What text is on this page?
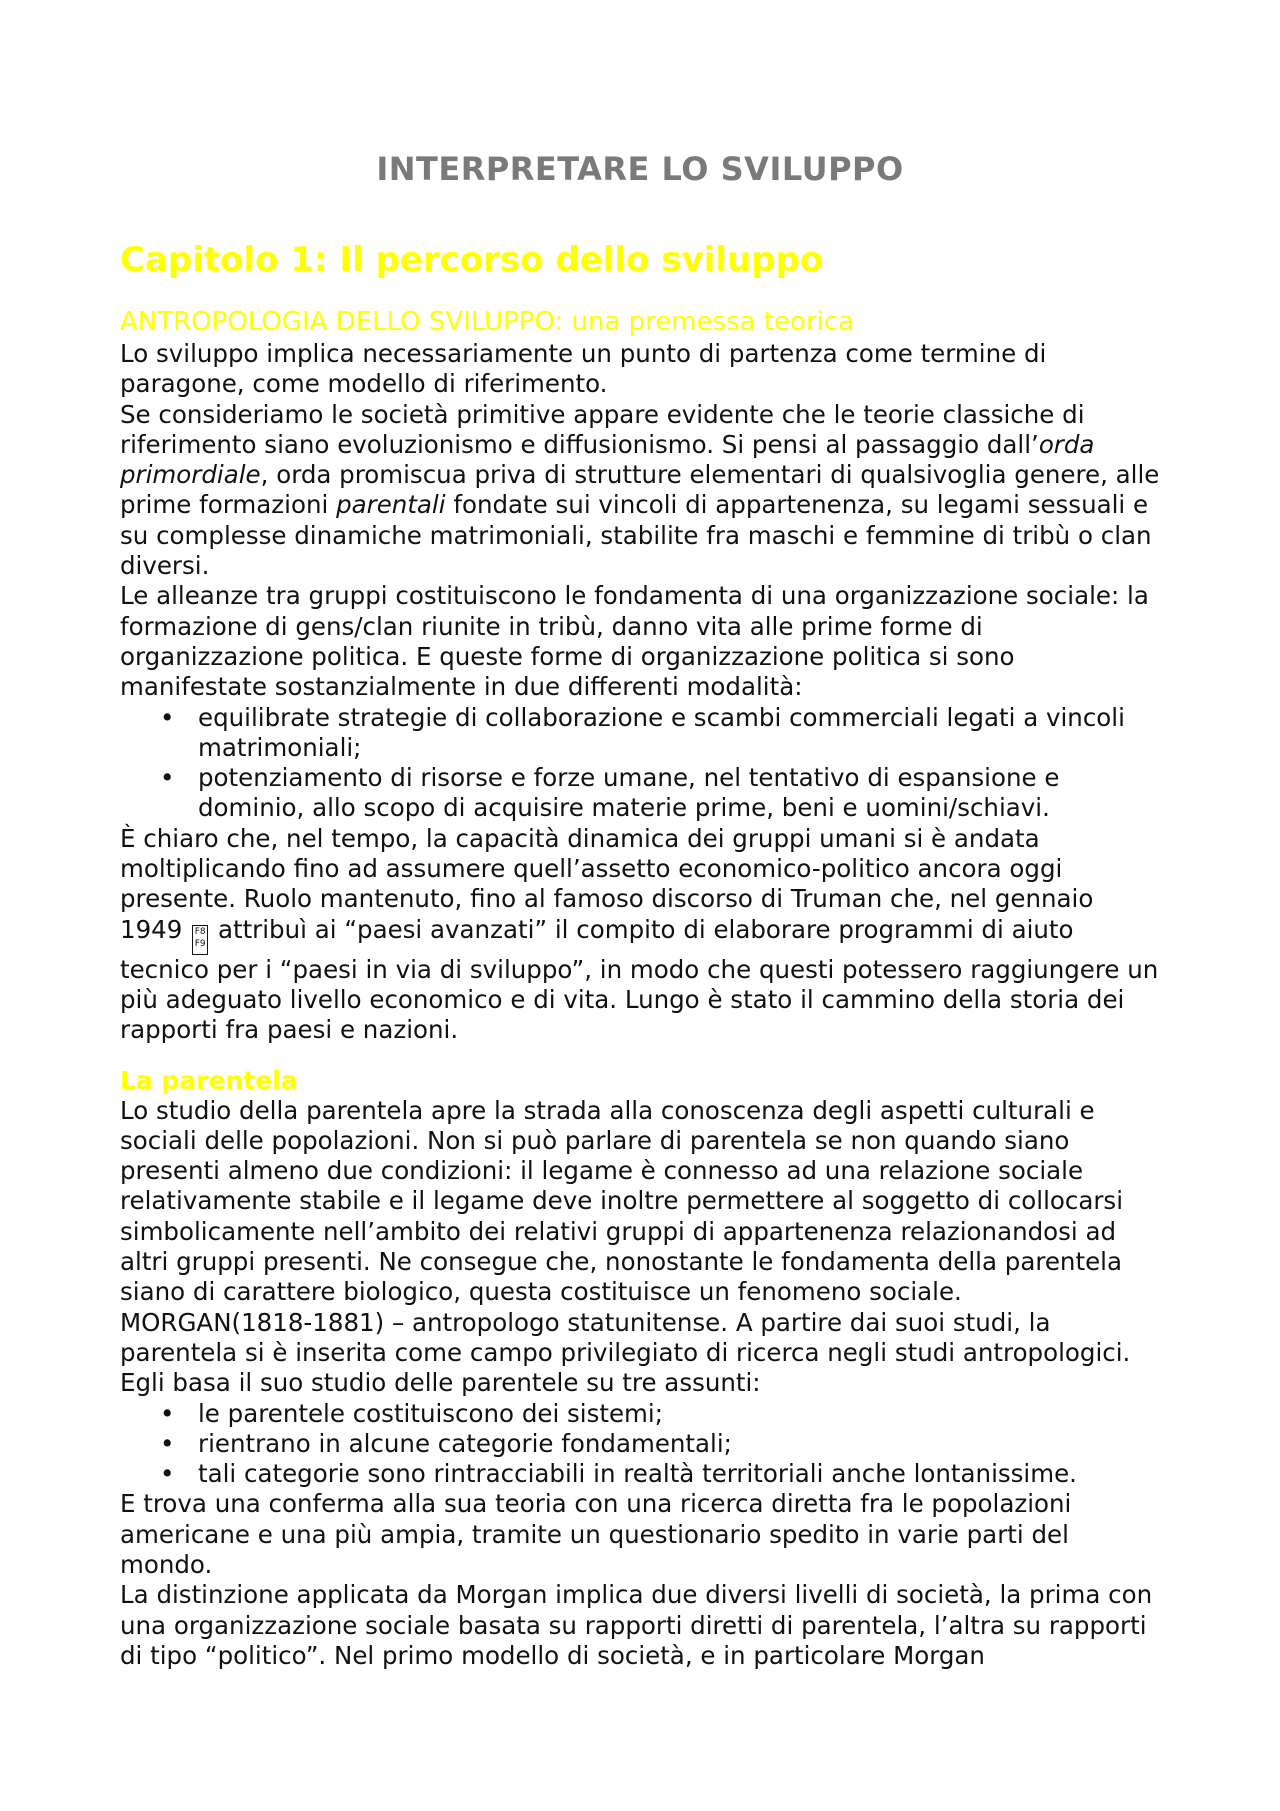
INTERPRETARE LO SVILUPPO
Capitolo 1: Il percorso dello sviluppo
ANTROPOLOGIA DELLO SVILUPPO: una premessa teorica

Lo sviluppo implica necessariamente un punto di partenza come termine di paragone, come modello di riferimento.

Se consideriamo le società primitive appare evidente che le teorie classiche di riferimento siano evoluzionismo e diffusionismo. Si pensi al passaggio dall’orda primordiale, orda promiscua priva di strutture elementari di qualsivoglia genere, alle prime formazioni parentali fondate sui vincoli di appartenenza, su legami sessuali e su complesse dinamiche matrimoniali, stabilite fra maschi e femmine di tribù o clan diversi.

Le alleanze tra gruppi costituiscono le fondamenta di una organizzazione sociale: la formazione di gens/clan riunite in tribù, danno vita alle prime forme di organizzazione politica. E queste forme di organizzazione politica si sono manifestate sostanzialmente in due differenti modalità:

• equilibrate strategie di collaborazione e scambi commerciali legati a vincoli matrimoniali;
• potenziamento di risorse e forze umane, nel tentativo di espansione e dominio, allo scopo di acquisire materie prime, beni e uomini/schiavi.

È chiaro che, nel tempo, la capacità dinamica dei gruppi umani si è andata moltiplicando fino ad assumere quell’assetto economico-politico ancora oggi presente. Ruolo mantenuto, fino al famoso discorso di Truman che, nel gennaio 1949 F8
F9 attribuì ai “paesi avanzati” il compito di elaborare programmi di aiuto tecnico per i “paesi in via di sviluppo”, in modo che questi potessero raggiungere un più adeguato livello economico e di vita. Lungo è stato il cammino della storia dei rapporti fra paesi e nazioni.

La parentela

Lo studio della parentela apre la strada alla conoscenza degli aspetti culturali e sociali delle popolazioni. Non si può parlare di parentela se non quando siano presenti almeno due condizioni: il legame è connesso ad una relazione sociale relativamente stabile e il legame deve inoltre permettere al soggetto di collocarsi simbolicamente nell’ambito dei relativi gruppi di appartenenza relazionandosi ad altri gruppi presenti. Ne consegue che, nonostante le fondamenta della parentela siano di carattere biologico, questa costituisce un fenomeno sociale.

MORGAN(1818-1881) – antropologo statunitense. A partire dai suoi studi, la parentela si è inserita come campo privilegiato di ricerca negli studi antropologici. Egli basa il suo studio delle parentele su tre assunti:

• le parentele costituiscono dei sistemi;
• rientrano in alcune categorie fondamentali;
• tali categorie sono rintracciabili in realtà territoriali anche lontanissime.

E trova una conferma alla sua teoria con una ricerca diretta fra le popolazioni americane e una più ampia, tramite un questionario spedito in varie parti del mondo.

La distinzione applicata da Morgan implica due diversi livelli di società, la prima con una organizzazione sociale basata su rapporti diretti di parentela, l’altra su rapporti di tipo “politico”. Nel primo modello di società, e in particolare Morgan
